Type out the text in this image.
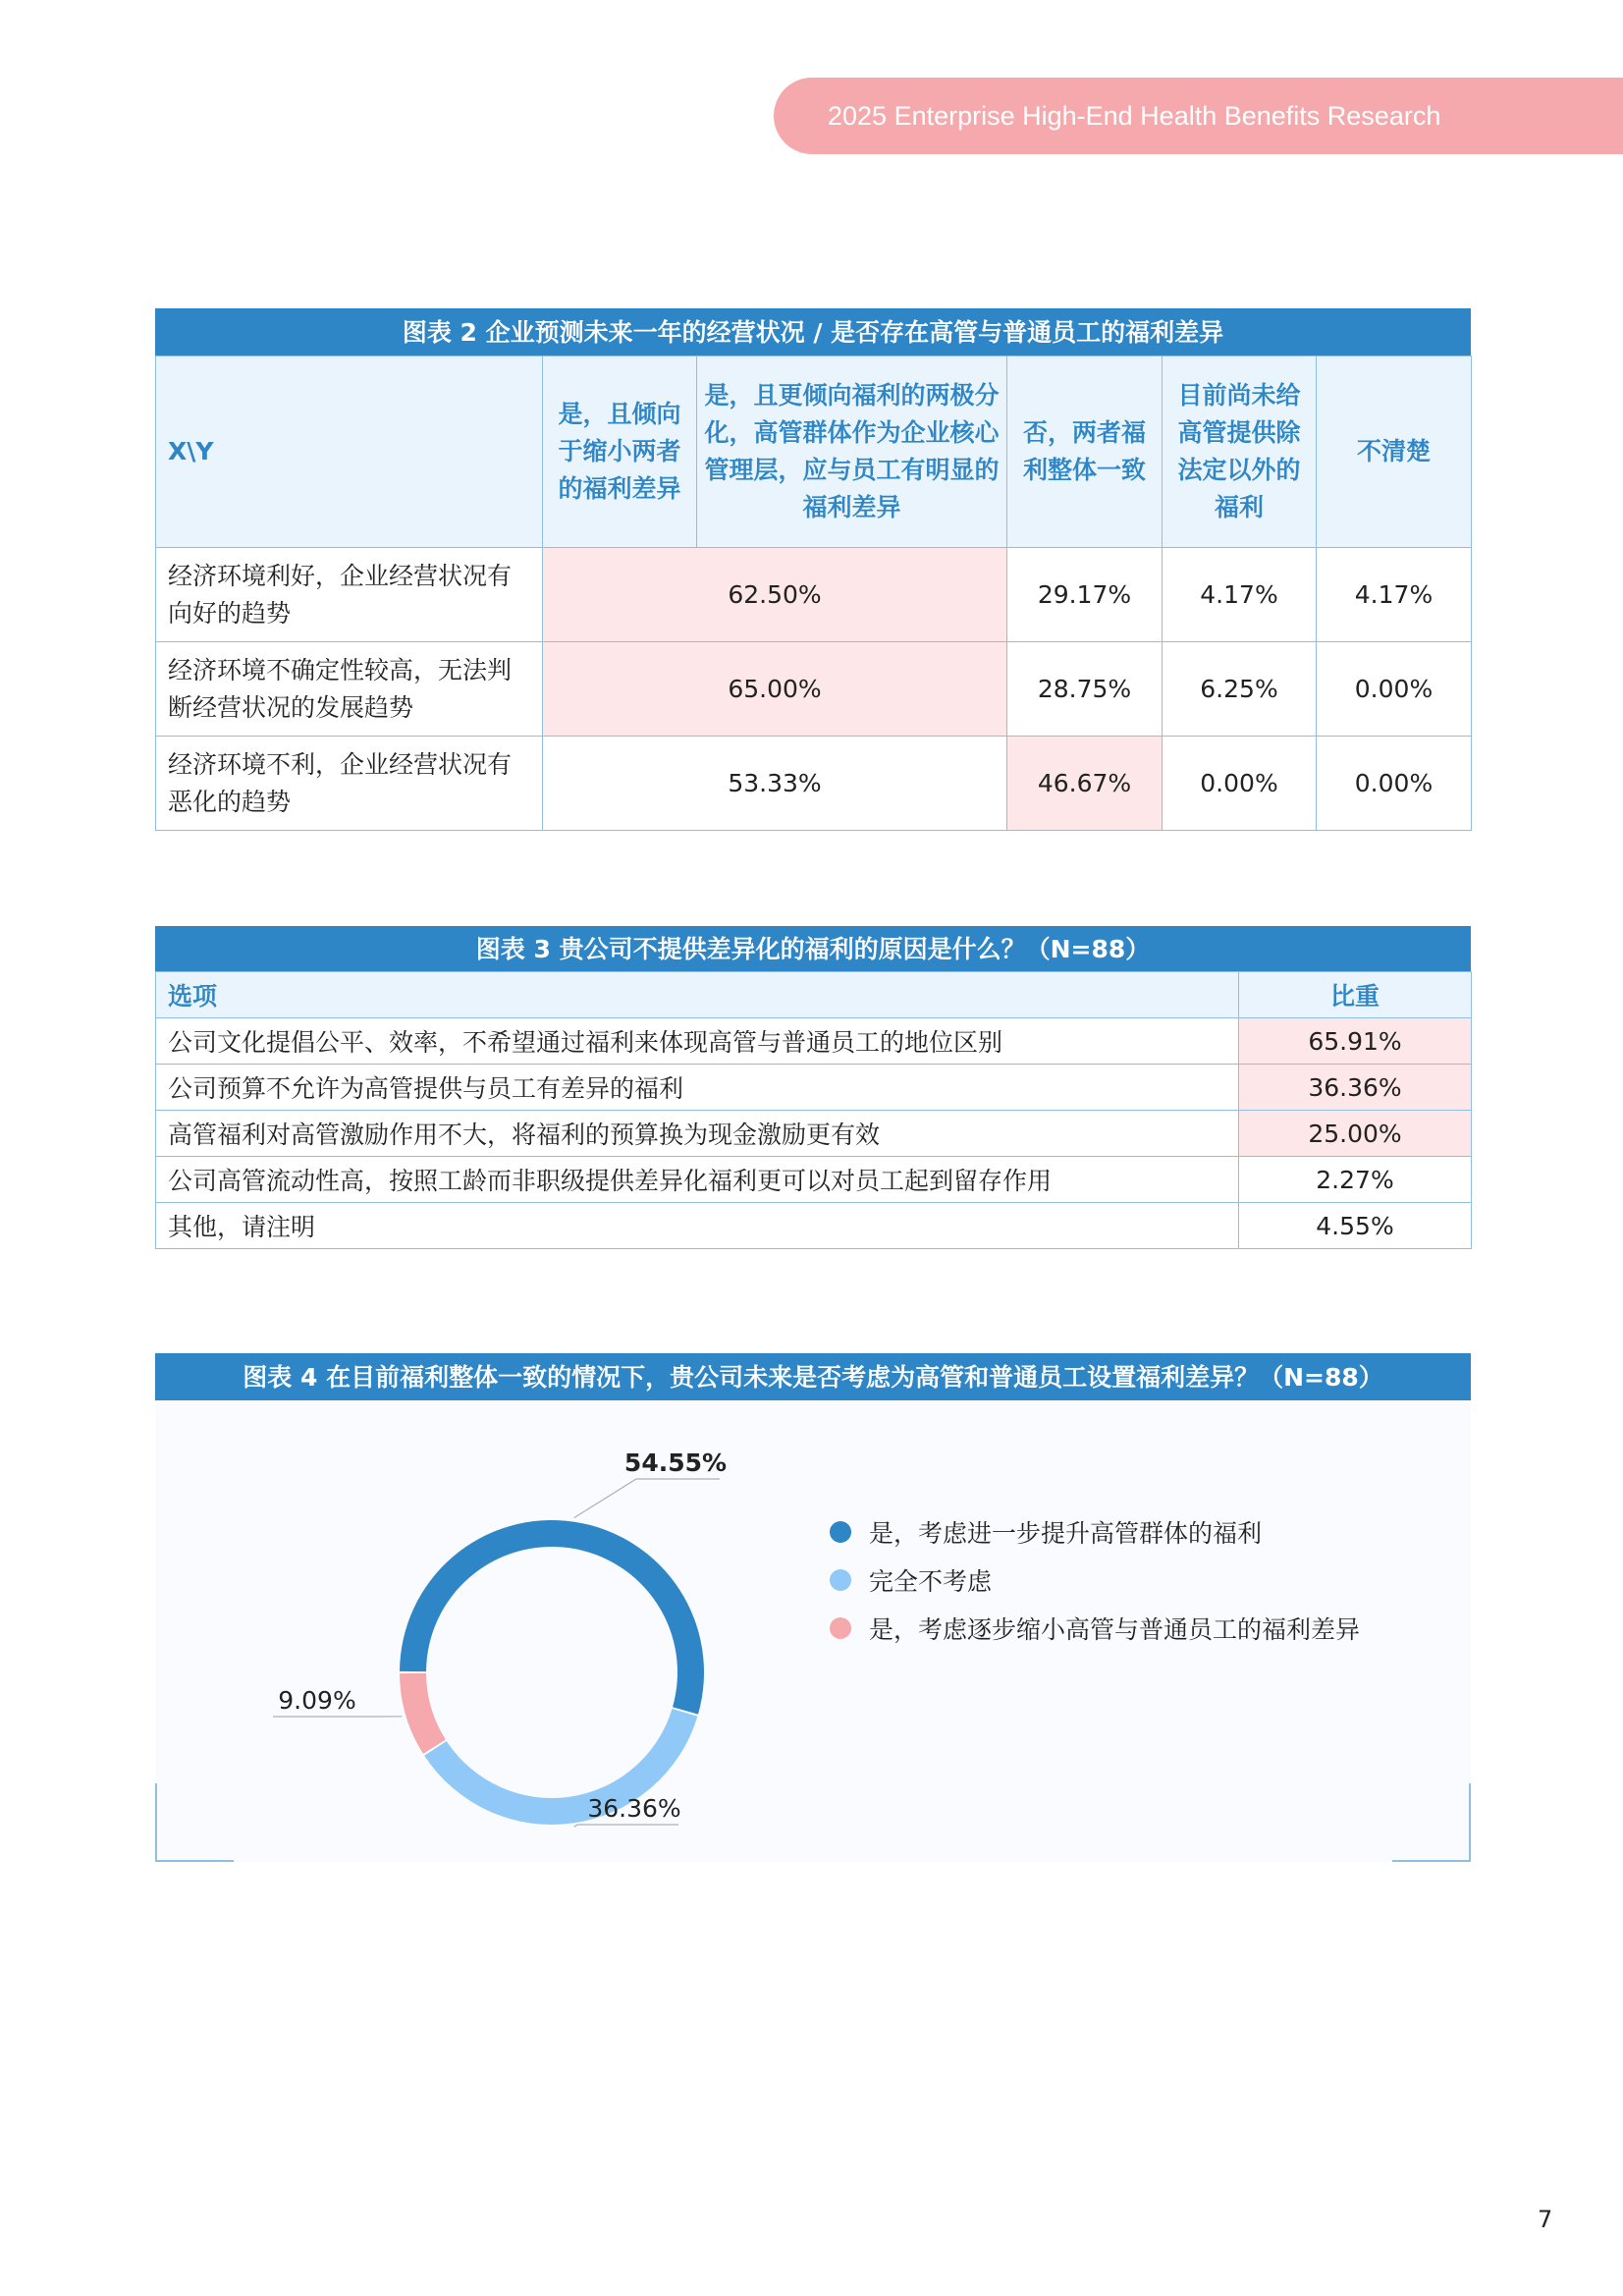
2025 Enterprise High-End Health Benefits Research
图表 2 企业预测未来一年的经营状况 / 是否存在高管与普通员工的福利差异
X\Y	是，且倾向于缩小两者的福利差异	是，且更倾向福利的两极分化，高管群体作为企业核心管理层，应与员工有明显的福利差异	否，两者福利整体一致	目前尚未给高管提供除法定以外的福利	不清楚
经济环境利好，企业经营状况有向好的趋势	62.50%		29.17%	4.17%	4.17%
经济环境不确定性较高，无法判断经营状况的发展趋势	65.00%		28.75%	6.25%	0.00%
经济环境不利，企业经营状况有恶化的趋势	53.33%		46.67%	0.00%	0.00%
图表 3 贵公司不提供差异化的福利的原因是什么？（N=88）
选项	比重
公司文化提倡公平、效率，不希望通过福利来体现高管与普通员工的地位区别	65.91%
公司预算不允许为高管提供与员工有差异的福利	36.36%
高管福利对高管激励作用不大，将福利的预算换为现金激励更有效	25.00%
公司高管流动性高，按照工龄而非职级提供差异化福利更可以对员工起到留存作用	2.27%
其他，请注明	4.55%
图表 4 在目前福利整体一致的情况下，贵公司未来是否考虑为高管和普通员工设置福利差异？（N=88）
54.55%
36.36%
9.09%
是，考虑进一步提升高管群体的福利
完全不考虑
是，考虑逐步缩小高管与普通员工的福利差异
7
